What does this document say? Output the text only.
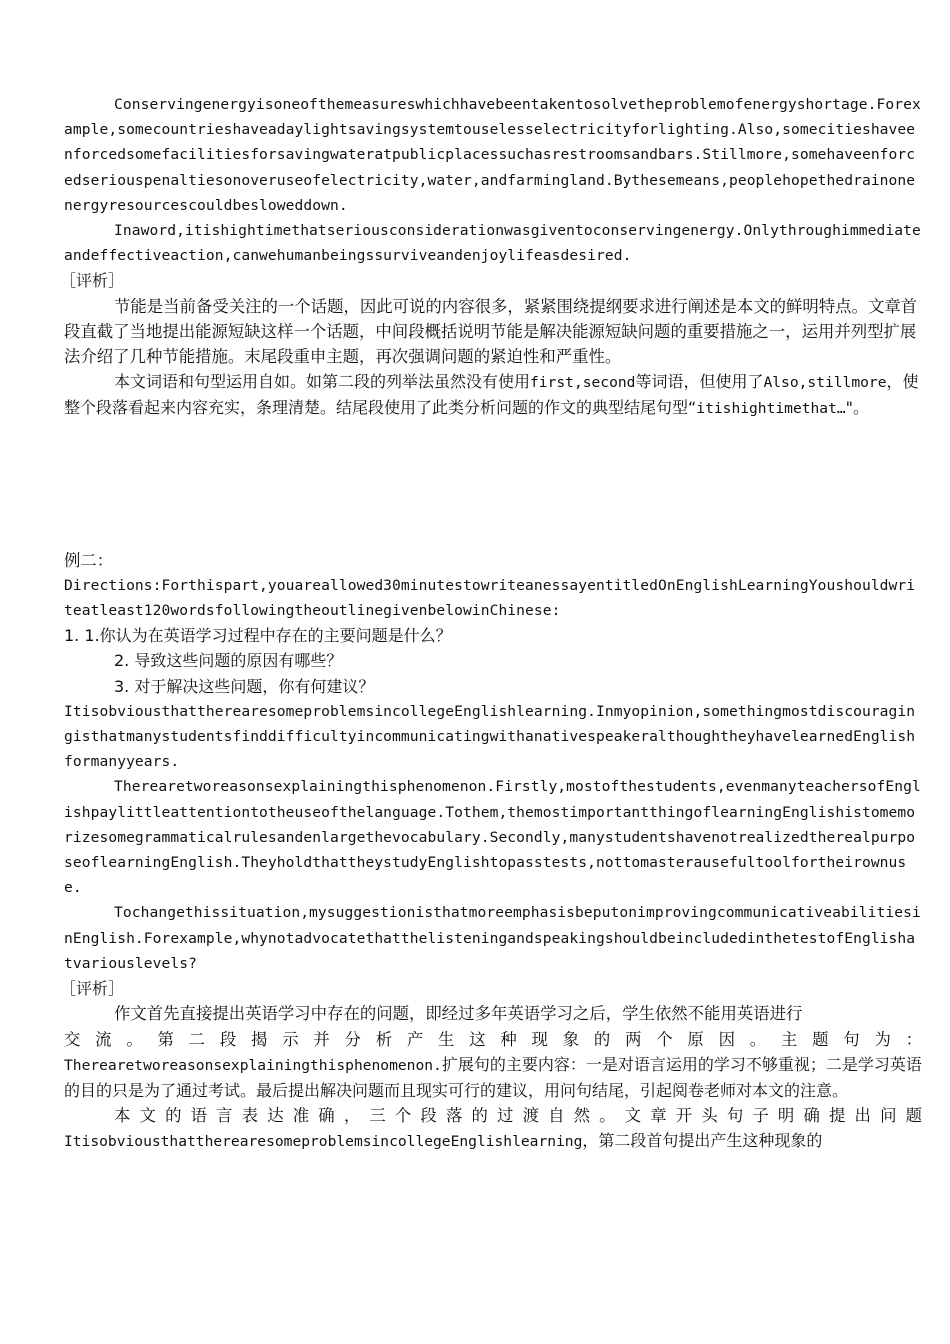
Conservingenergyisoneofthemeasureswhichhavebeentakentosolvetheproblemofenergyshortage.Forexample,somecountrieshaveadaylightsavingsystemtouselesselectricityforlighting.Also,somecitieshaveenforcedsomefacilitiesforsavingwateratpublicplacessuchasrestroomsandbars.Stillmore,somehaveenforcedseriouspenaltiesonoveruseofelectricity,water,andfarmingland.Bythesemeans,peoplehopethedrainonenergyresourcescouldbesloweddown.

Inaword,itishightimethatseriousconsiderationwasgiventoconservingenergy.Onlythroughimmediateandeffectiveaction,canwehumanbeingssurviveandenjoylifeasdesired.

［评析］

节能是当前备受关注的一个话题，因此可说的内容很多，紧紧围绕提纲要求进行阐述是本文的鲜明特点。文章首段直截了当地提出能源短缺这样一个话题，中间段概括说明节能是解决能源短缺问题的重要措施之一，运用并列型扩展法介绍了几种节能措施。末尾段重申主题，再次强调问题的紧迫性和严重性。

本文词语和句型运用自如。如第二段的列举法虽然没有使用first,second等词语，但使用了Also,stillmore，使整个段落看起来内容充实，条理清楚。结尾段使用了此类分析问题的作文的典型结尾句型“itishightimethat…"。

例二：

Directions:Forthispart,youareallowed30minutestowriteanessayentitledOnEnglishLearningYoushouldwriteatleast120wordsfollowingtheoutlinegivenbelowinChinese:

1. 1.你认为在英语学习过程中存在的主要问题是什么？
2. 导致这些问题的原因有哪些？
3. 对于解决这些问题，你有何建议？

ItisobviousthattherearesomeproblemsincollegeEnglishlearning.Inmyopinion,somethingmostdiscouragingisthatmanystudentsfinddifficultyincommunicatingwithanativespeakeralthoughtheyhavelearnedEnglishformanyyears.

Therearetworeasonsexplainingthisphenomenon.Firstly,mostofthestudents,evenmanyteachersofEnglishpaylittleattentiontotheuseofthelanguage.Tothem,themostimportantthingoflearningEnglishistomemorizesomegrammaticalrulesandenlargethevocabulary.Secondly,manystudentshavenotrealizedtherealpurposeoflearningEnglish.TheyholdthattheystudyEnglishtopasstests,nottomasterausefultoolfortheirownuse.

Tochangethissituation,mysuggestionisthatmoreemphasisbeputonimprovingcommunicativeabilitiesinEnglish.Forexample,whynotadvocatethatthelisteningandspeakingshouldbeincludedinthetestofEnglishatvariouslevels?

［评析］
作文首先直接提出英语学习中存在的问题，即经过多年英语学习之后，学生依然不能用英语进行
交 流 。 第 二 段 揭 示 并 分 析 产 生 这 种 现 象 的 两 个 原 因 。 主 题 句 为 ：

Therearetworeasonsexplainingthisphenomenon.扩展句的主要内容：一是对语言运用的学习不够重视；二是学习英语的目的只是为了通过考试。最后提出解决问题而且现实可行的建议，用问句结尾，引起阅卷老师对本文的注意。

本 文 的 语 言 表 达 准 确 ， 三 个 段 落 的 过 渡 自 然 。 文 章 开 头 句 子 明 确 提 出 问 题

ItisobviousthattherearesomeproblemsincollegeEnglishlearning，第二段首句提出产生这种现象的
